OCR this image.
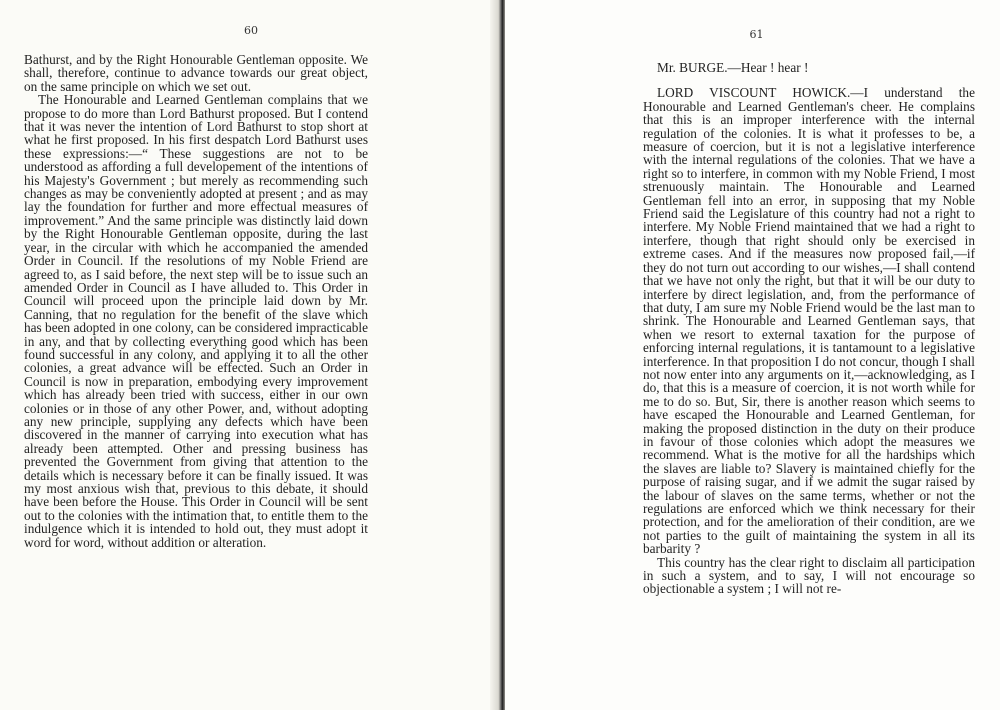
60

Bathurst, and by the Right Honourable Gentleman opposite. We shall, therefore, continue to advance towards our great object, on the same principle on which we set out.

The Honourable and Learned Gentleman complains that we propose to do more than Lord Bathurst proposed. But I contend that it was never the intention of Lord Bathurst to stop short at what he first proposed. In his first despatch Lord Bathurst uses these expressions:—“ These suggestions are not to be understood as affording a full developement of the intentions of his Majesty's Government ; but merely as recommending such changes as may be conveniently adopted at present ; and as may lay the foundation for further and more effectual measures of improvement.” And the same principle was distinctly laid down by the Right Honourable Gentleman opposite, during the last year, in the circular with which he accompanied the amended Order in Council. If the resolutions of my Noble Friend are agreed to, as I said before, the next step will be to issue such an amended Order in Council as I have alluded to. This Order in Council will proceed upon the principle laid down by Mr. Canning, that no regulation for the benefit of the slave which has been adopted in one colony, can be considered impracticable in any, and that by collecting everything good which has been found successful in any colony, and applying it to all the other colonies, a great advance will be effected. Such an Order in Council is now in preparation, embodying every improvement which has already been tried with success, either in our own colonies or in those of any other Power, and, without adopting any new principle, supplying any defects which have been discovered in the manner of carrying into execution what has already been attempted. Other and pressing business has prevented the Government from giving that attention to the details which is necessary before it can be finally issued. It was my most anxious wish that, previous to this debate, it should have been before the House. This Order in Council will be sent out to the colonies with the intimation that, to entitle them to the indulgence which it is intended to hold out, they must adopt it word for word, without addition or alteration.

61

Mr. BURGE.—Hear ! hear !

LORD VISCOUNT HOWICK.—I understand the Honourable and Learned Gentleman's cheer. He complains that this is an improper interference with the internal regulation of the colonies. It is what it professes to be, a measure of coercion, but it is not a legislative interference with the internal regulations of the colonies. That we have a right so to interfere, in common with my Noble Friend, I most strenuously maintain. The Honourable and Learned Gentleman fell into an error, in supposing that my Noble Friend said the Legislature of this country had not a right to interfere. My Noble Friend maintained that we had a right to interfere, though that right should only be exercised in extreme cases. And if the measures now proposed fail,—if they do not turn out according to our wishes,—I shall contend that we have not only the right, but that it will be our duty to interfere by direct legislation, and, from the performance of that duty, I am sure my Noble Friend would be the last man to shrink. The Honourable and Learned Gentleman says, that when we resort to external taxation for the purpose of enforcing internal regulations, it is tantamount to a legislative interference. In that proposition I do not concur, though I shall not now enter into any arguments on it,—acknowledging, as I do, that this is a measure of coercion, it is not worth while for me to do so. But, Sir, there is another reason which seems to have escaped the Honourable and Learned Gentleman, for making the proposed distinction in the duty on their produce in favour of those colonies which adopt the measures we recommend. What is the motive for all the hardships which the slaves are liable to? Slavery is maintained chiefly for the purpose of raising sugar, and if we admit the sugar raised by the labour of slaves on the same terms, whether or not the regulations are enforced which we think necessary for their protection, and for the amelioration of their condition, are we not parties to the guilt of maintaining the system in all its barbarity ?

This country has the clear right to disclaim all participation in such a system, and to say, I will not encourage so objectionable a system ; I will not re-
